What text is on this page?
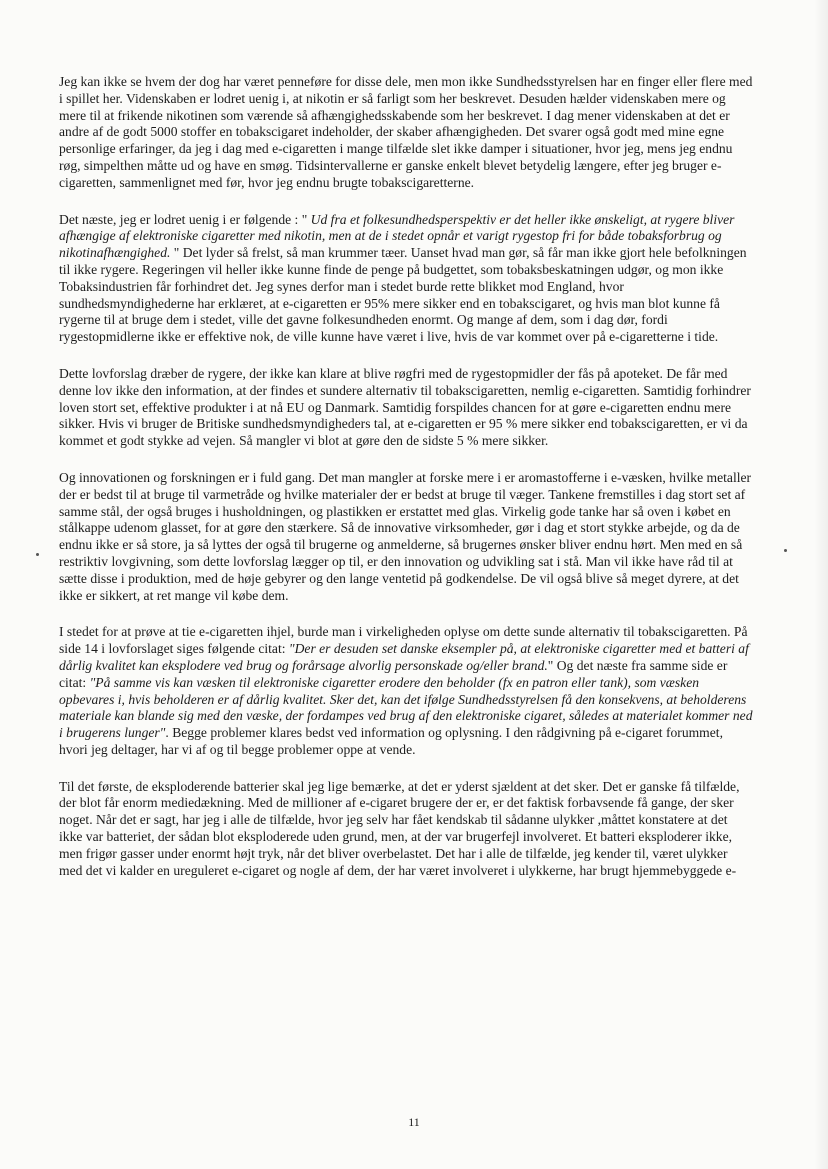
Jeg kan ikke se hvem der dog har været penneføre for disse dele, men mon ikke Sundhedsstyrelsen har en finger eller flere med i spillet her. Videnskaben er lodret uenig i, at nikotin er så farligt som her beskrevet. Desuden hælder videnskaben mere og mere til at frikende nikotinen som værende så afhængighedsskabende som her beskrevet. I dag mener videnskaben at det er andre af de godt 5000 stoffer en tobakscigaret indeholder, der skaber afhængigheden. Det svarer også godt med mine egne personlige erfaringer, da jeg i dag med e-cigaretten i mange tilfælde slet ikke damper i situationer, hvor jeg, mens jeg endnu røg, simpelthen måtte ud og have en smøg. Tidsintervallerne er ganske enkelt blevet betydelig længere, efter jeg bruger e-cigaretten, sammenlignet med før, hvor jeg endnu brugte tobakscigaretterne.

Det næste, jeg er lodret uenig i er følgende : " Ud fra et folkesundhedsperspektiv er det heller ikke ønskeligt, at rygere bliver afhængige af elektroniske cigaretter med nikotin, men at de i stedet opnår et varigt rygestop fri for både tobaksforbrug og nikotinafhængighed. " Det lyder så frelst, så man krummer tæer. Uanset hvad man gør, så får man ikke gjort hele befolkningen til ikke rygere. Regeringen vil heller ikke kunne finde de penge på budgettet, som tobaksbeskatningen udgør, og mon ikke Tobaksindustrien får forhindret det. Jeg synes derfor man i stedet burde rette blikket mod England, hvor sundhedsmyndighederne har erklæret, at e-cigaretten er 95% mere sikker end en tobakscigaret, og hvis man blot kunne få rygerne til at bruge dem i stedet, ville det gavne folkesundheden enormt. Og mange af dem, som i dag dør, fordi rygestopmidlerne ikke er effektive nok, de ville kunne have været i live, hvis de var kommet over på e-cigaretterne i tide.

Dette lovforslag dræber de rygere, der ikke kan klare at blive røgfri med de rygestopmidler der fås på apoteket. De får med denne lov ikke den information, at der findes et sundere alternativ til tobakscigaretten, nemlig e-cigaretten. Samtidig forhindrer loven stort set, effektive produkter i at nå EU og Danmark. Samtidig forspildes chancen for at gøre e-cigaretten endnu mere sikker. Hvis vi bruger de Britiske sundhedsmyndigheders tal, at e-cigaretten er 95 % mere sikker end tobakscigaretten, er vi da kommet et godt stykke ad vejen. Så mangler vi blot at gøre den de sidste 5 % mere sikker.

Og innovationen og forskningen er i fuld gang. Det man mangler at forske mere i er aromastofferne i e-væsken, hvilke metaller der er bedst til at bruge til varmetråde og hvilke materialer der er bedst at bruge til væger. Tankene fremstilles i dag stort set af samme stål, der også bruges i husholdningen, og plastikken er erstattet med glas. Virkelig gode tanke har så oven i købet en stålkappe udenom glasset, for at gøre den stærkere. Så de innovative virksomheder, gør i dag et stort stykke arbejde, og da de endnu ikke er så store, ja så lyttes der også til brugerne og anmelderne, så brugernes ønsker bliver endnu hørt. Men med en så restriktiv lovgivning, som dette lovforslag lægger op til, er den innovation og udvikling sat i stå. Man vil ikke have råd til at sætte disse i produktion, med de høje gebyrer og den lange ventetid på godkendelse. De vil også blive så meget dyrere, at det ikke er sikkert, at ret mange vil købe dem.

I stedet for at prøve at tie e-cigaretten ihjel, burde man i virkeligheden oplyse om dette sunde alternativ til tobakscigaretten. På side 14 i lovforslaget siges følgende citat: "Der er desuden set danske eksempler på, at elektroniske cigaretter med et batteri af dårlig kvalitet kan eksplodere ved brug og forårsage alvorlig personskade og/eller brand." Og det næste fra samme side er citat: "På samme vis kan væsken til elektroniske cigaretter erodere den beholder (fx en patron eller tank), som væsken opbevares i, hvis beholderen er af dårlig kvalitet. Sker det, kan det ifølge Sundhedsstyrelsen få den konsekvens, at beholderens materiale kan blande sig med den væske, der fordampes ved brug af den elektroniske cigaret, således at materialet kommer ned i brugerens lunger". Begge problemer klares bedst ved information og oplysning. I den rådgivning på e-cigaret forummet, hvori jeg deltager, har vi af og til begge problemer oppe at vende.

Til det første, de eksploderende batterier skal jeg lige bemærke, at det er yderst sjældent at det sker. Det er ganske få tilfælde, der blot får enorm mediedækning. Med de millioner af e-cigaret brugere der er, er det faktisk forbavsende få gange, der sker noget. Når det er sagt, har jeg i alle de tilfælde, hvor jeg selv har fået kendskab til sådanne ulykker ,måttet konstatere at det ikke var batteriet, der sådan blot eksploderede uden grund, men, at der var brugerfejl involveret. Et batteri eksploderer ikke, men frigør gasser under enormt højt tryk, når det bliver overbelastet. Det har i alle de tilfælde, jeg kender til, været ulykker med det vi kalder en ureguleret e-cigaret og nogle af dem, der har været involveret i ulykkerne, har brugt hjemmebyggede e-

11
